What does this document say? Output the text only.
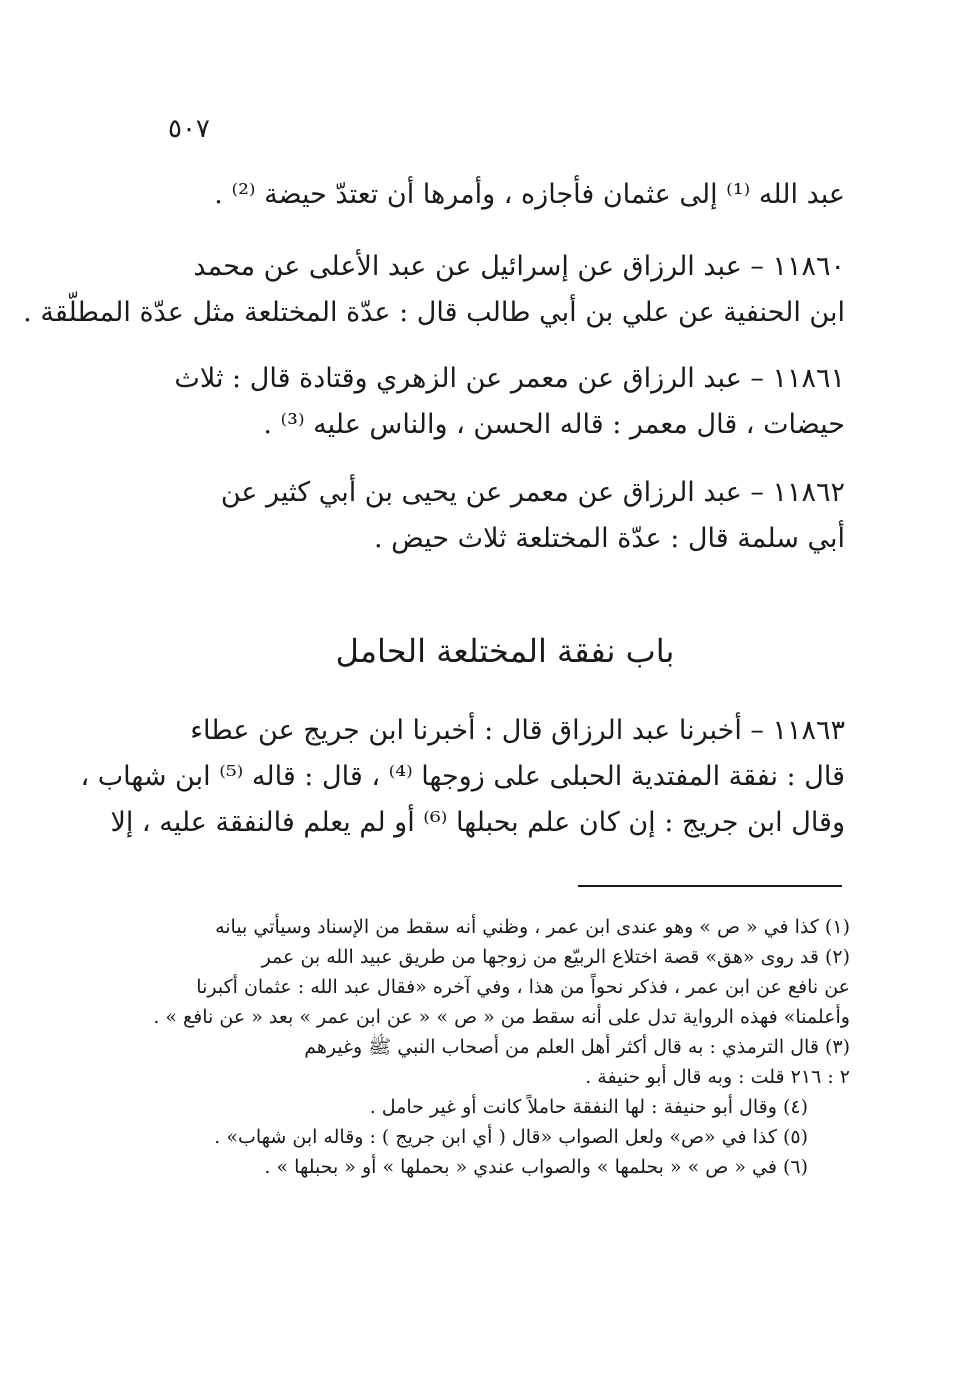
٥٠٧
عبد الله ⁽¹⁾ إلى عثمان فأجازه ، وأمرها أن تعتدّ حيضة ⁽²⁾ .
١١٨٦٠ – عبد الرزاق عن إسرائيل عن عبد الأعلى عن محمد
ابن الحنفية عن علي بن أبي طالب قال : عدّة المختلعة مثل عدّة المطلّقة .
١١٨٦١ – عبد الرزاق عن معمر عن الزهري وقتادة قال : ثلاث
حيضات ، قال معمر : قاله الحسن ، والناس عليه ⁽³⁾ .
١١٨٦٢ – عبد الرزاق عن معمر عن يحيى بن أبي كثير عن
أبي سلمة قال : عدّة المختلعة ثلاث حيض .
باب نفقة المختلعة الحامل
١١٨٦٣ – أخبرنا عبد الرزاق قال : أخبرنا ابن جريج عن عطاء
قال : نفقة المفتدية الحبلى على زوجها ⁽⁴⁾ ، قال : قاله ⁽⁵⁾ ابن شهاب ،
وقال ابن جريج : إن كان علم بحبلها ⁽⁶⁾ أو لم يعلم فالنفقة عليه ، إلا
(١) كذا في « ص » وهو عندى ابن عمر ، وظني أنه سقط من الإسناد وسيأتي بيانه
(٢) قد روى «هق» قصة اختلاع الربيّع من زوجها من طريق عبيد الله بن عمر
عن نافع عن ابن عمر ، فذكر نحواً من هذا ، وفي آخره «فقال عبد الله : عثمان أكبرنا
وأعلمنا» فهذه الرواية تدل على أنه سقط من « ص » « عن ابن عمر » بعد « عن نافع » .
(٣) قال الترمذي : به قال أكثر أهل العلم من أصحاب النبي ﷺ وغيرهم
٢ : ٢١٦ قلت : وبه قال أبو حنيفة .
(٤) وقال أبو حنيفة : لها النفقة حاملاً كانت أو غير حامل .
(٥) كذا في «ص» ولعل الصواب «قال ( أي ابن جريج ) : وقاله ابن شهاب» .
(٦) في « ص » « بحلمها » والصواب عندي « بحملها » أو « بحبلها » .
